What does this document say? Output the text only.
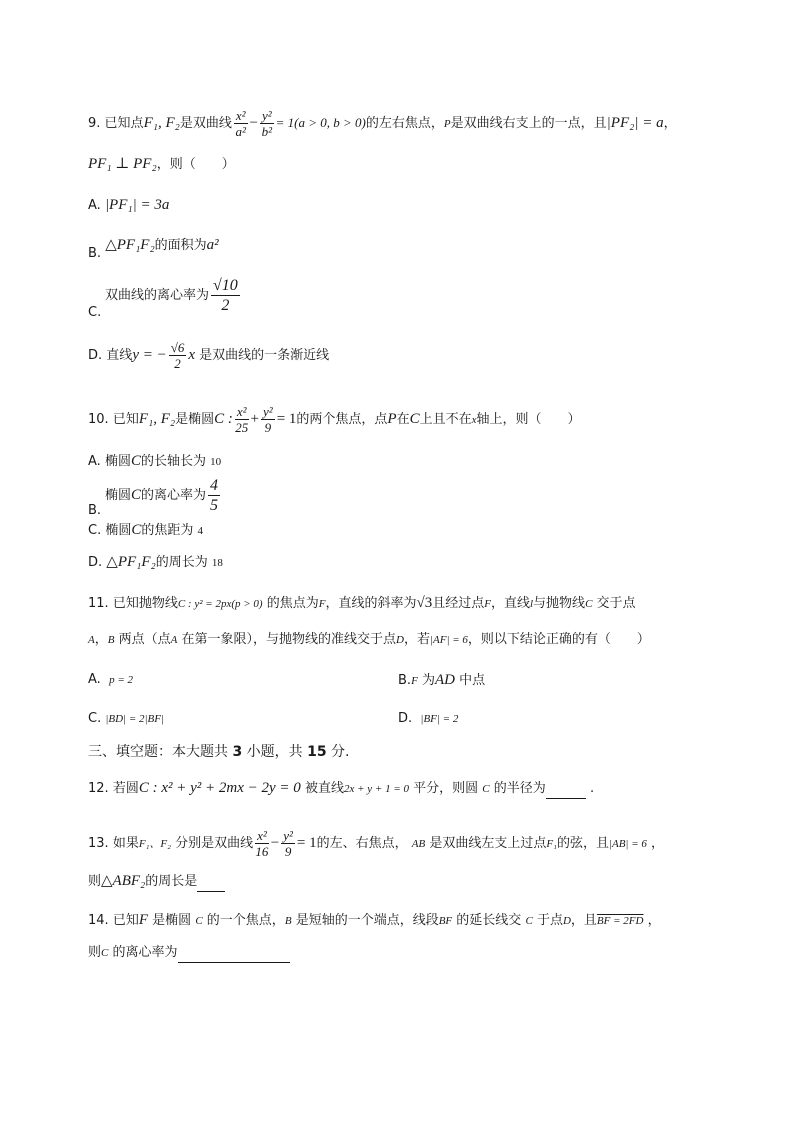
9. 已知点F₁, F₂是双曲线 $\frac{\text{x²}}{\text{a²}} - \frac{\text{y²}}{\text{b²}} = 1(a > 0$, b > 0)的左右焦点，P是双曲线右支上的一点，且|PF₂| = a，
PF₁ ⊥ PF₂，则（　　）
A. |PF₁| = 3a
B. △PF₁F₂的面积为a²
C.
双曲线的离心率为 $\frac{√10}{2}$
D. 直线y = − $\frac{√6}{2}$ x 是双曲线的一条渐近线
10. 已知F₁, F₂是椭圆C : $\frac{\text{x²}}{25} + \frac{\text{y²}}{9} = 1$的两个焦点，点P在C上且不在x轴上，则（　　）
A. 椭圆C的长轴长为 10
B.
椭圆C的离心率为 $\frac{4}{5}$
C. 椭圆C的焦距为 4
D. △PF₁F₂的周长为 18
11. 已知抛物线C : y² = 2px(p > 0) 的焦点为F，直线的斜率为√3且经过点F，直线l与抛物线C 交于点
A，B 两点（点A 在第一象限），与抛物线的准线交于点D，若|AF| = 6，则以下结论正确的有（　　）
A. p = 2	B.F 为AD 中点
C. |BD| = 2|BF|	D. |BF| = 2
三、填空题：本大题共 3 小题，共 15 分.
12. 若圆C : x² + y² + 2mx − 2y = 0 被直线2x + y + 1 = 0 平分，则圆 C 的半径为	.
13. 如果F₁、F₂ 分别是双曲线 $\frac{\text{x²}}{16} - \frac{\text{y²}}{9} = 1$的左、右焦点， AB 是双曲线左支上过点F₁的弦，且|AB| = 6 ，
则△ABF₂的周长是
14. 已知F 是椭圆 C 的一个焦点，B 是短轴的一个端点，线段BF 的延长线交 C 于点D，且BF = 2FD ，
则C 的离心率为
